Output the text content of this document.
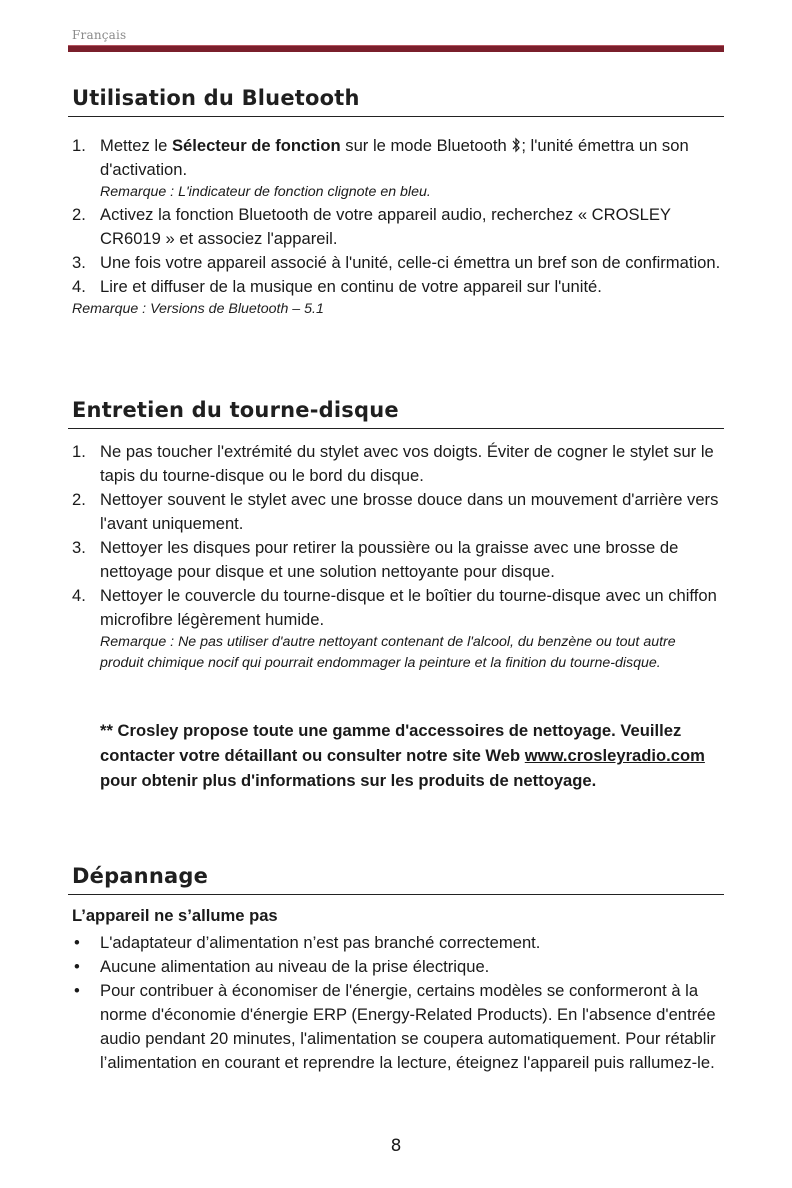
Français
Utilisation du Bluetooth
1. Mettez le Sélecteur de fonction sur le mode Bluetooth ; l'unité émettra un son d'activation.
Remarque : L'indicateur de fonction clignote en bleu.
2. Activez la fonction Bluetooth de votre appareil audio, recherchez « CROSLEY CR6019 » et associez l'appareil.
3. Une fois votre appareil associé à l'unité, celle-ci émettra un bref son de confirmation.
4. Lire et diffuser de la musique en continu de votre appareil sur l'unité.
Remarque : Versions de Bluetooth – 5.1
Entretien du tourne-disque
1. Ne pas toucher l'extrémité du stylet avec vos doigts. Éviter de cogner le stylet sur le tapis du tourne-disque ou le bord du disque.
2. Nettoyer souvent le stylet avec une brosse douce dans un mouvement d'arrière vers l'avant uniquement.
3. Nettoyer les disques pour retirer la poussière ou la graisse avec une brosse de nettoyage pour disque et une solution nettoyante pour disque.
4. Nettoyer le couvercle du tourne-disque et le boîtier du tourne-disque avec un chiffon microfibre légèrement humide.
Remarque : Ne pas utiliser d'autre nettoyant contenant de l'alcool, du benzène ou tout autre produit chimique nocif qui pourrait endommager la peinture et la finition du tourne-disque.
** Crosley propose toute une gamme d'accessoires de nettoyage. Veuillez contacter votre détaillant ou consulter notre site Web www.crosleyradio.com pour obtenir plus d'informations sur les produits de nettoyage.
Dépannage
L’appareil ne s’allume pas
• L'adaptateur d’alimentation n’est pas branché correctement.
• Aucune alimentation au niveau de la prise électrique.
• Pour contribuer à économiser de l'énergie, certains modèles se conformeront à la norme d'économie d'énergie ERP (Energy-Related Products). En l'absence d'entrée audio pendant 20 minutes, l'alimentation se coupera automatiquement. Pour rétablir l’alimentation en courant et reprendre la lecture, éteignez l'appareil puis rallumez-le.
8
